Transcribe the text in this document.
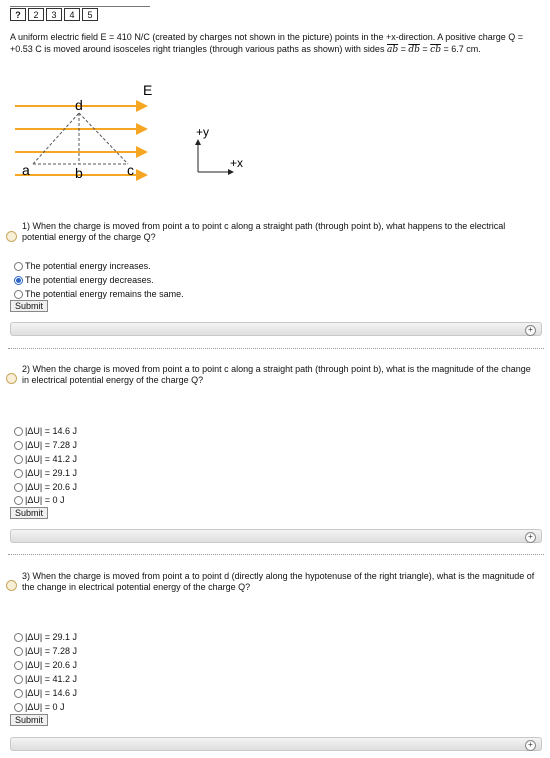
?	2	3	4	5
A uniform electric field E = 410 N/C (created by charges not shown in the picture) points in the +x-direction. A positive charge Q = +0.53 C is moved around isosceles right triangles (through various paths as shown) with sides $\overline{ab} = \overline{db} = \overline{cb} = 6.7$ cm.
E
d
a	b	c
+y
+x
1) When the charge is moved from point a to point c along a straight path (through point b), what happens to the electrical potential energy of the charge Q?
The potential energy increases.
The potential energy decreases.
The potential energy remains the same.
Submit
+
2) When the charge is moved from point a to point c along a straight path (through point b), what is the magnitude of the change in electrical potential energy of the charge Q?
|ΔU| = 14.6 J
|ΔU| = 7.28 J
|ΔU| = 41.2 J
|ΔU| = 29.1 J
|ΔU| = 20.6 J
|ΔU| = 0 J
Submit
+
3) When the charge is moved from point a to point d (directly along the hypotenuse of the right triangle), what is the magnitude of the change in electrical potential energy of the charge Q?
|ΔU| = 29.1 J
|ΔU| = 7.28 J
|ΔU| = 20.6 J
|ΔU| = 41.2 J
|ΔU| = 14.6 J
|ΔU| = 0 J
Submit
+
